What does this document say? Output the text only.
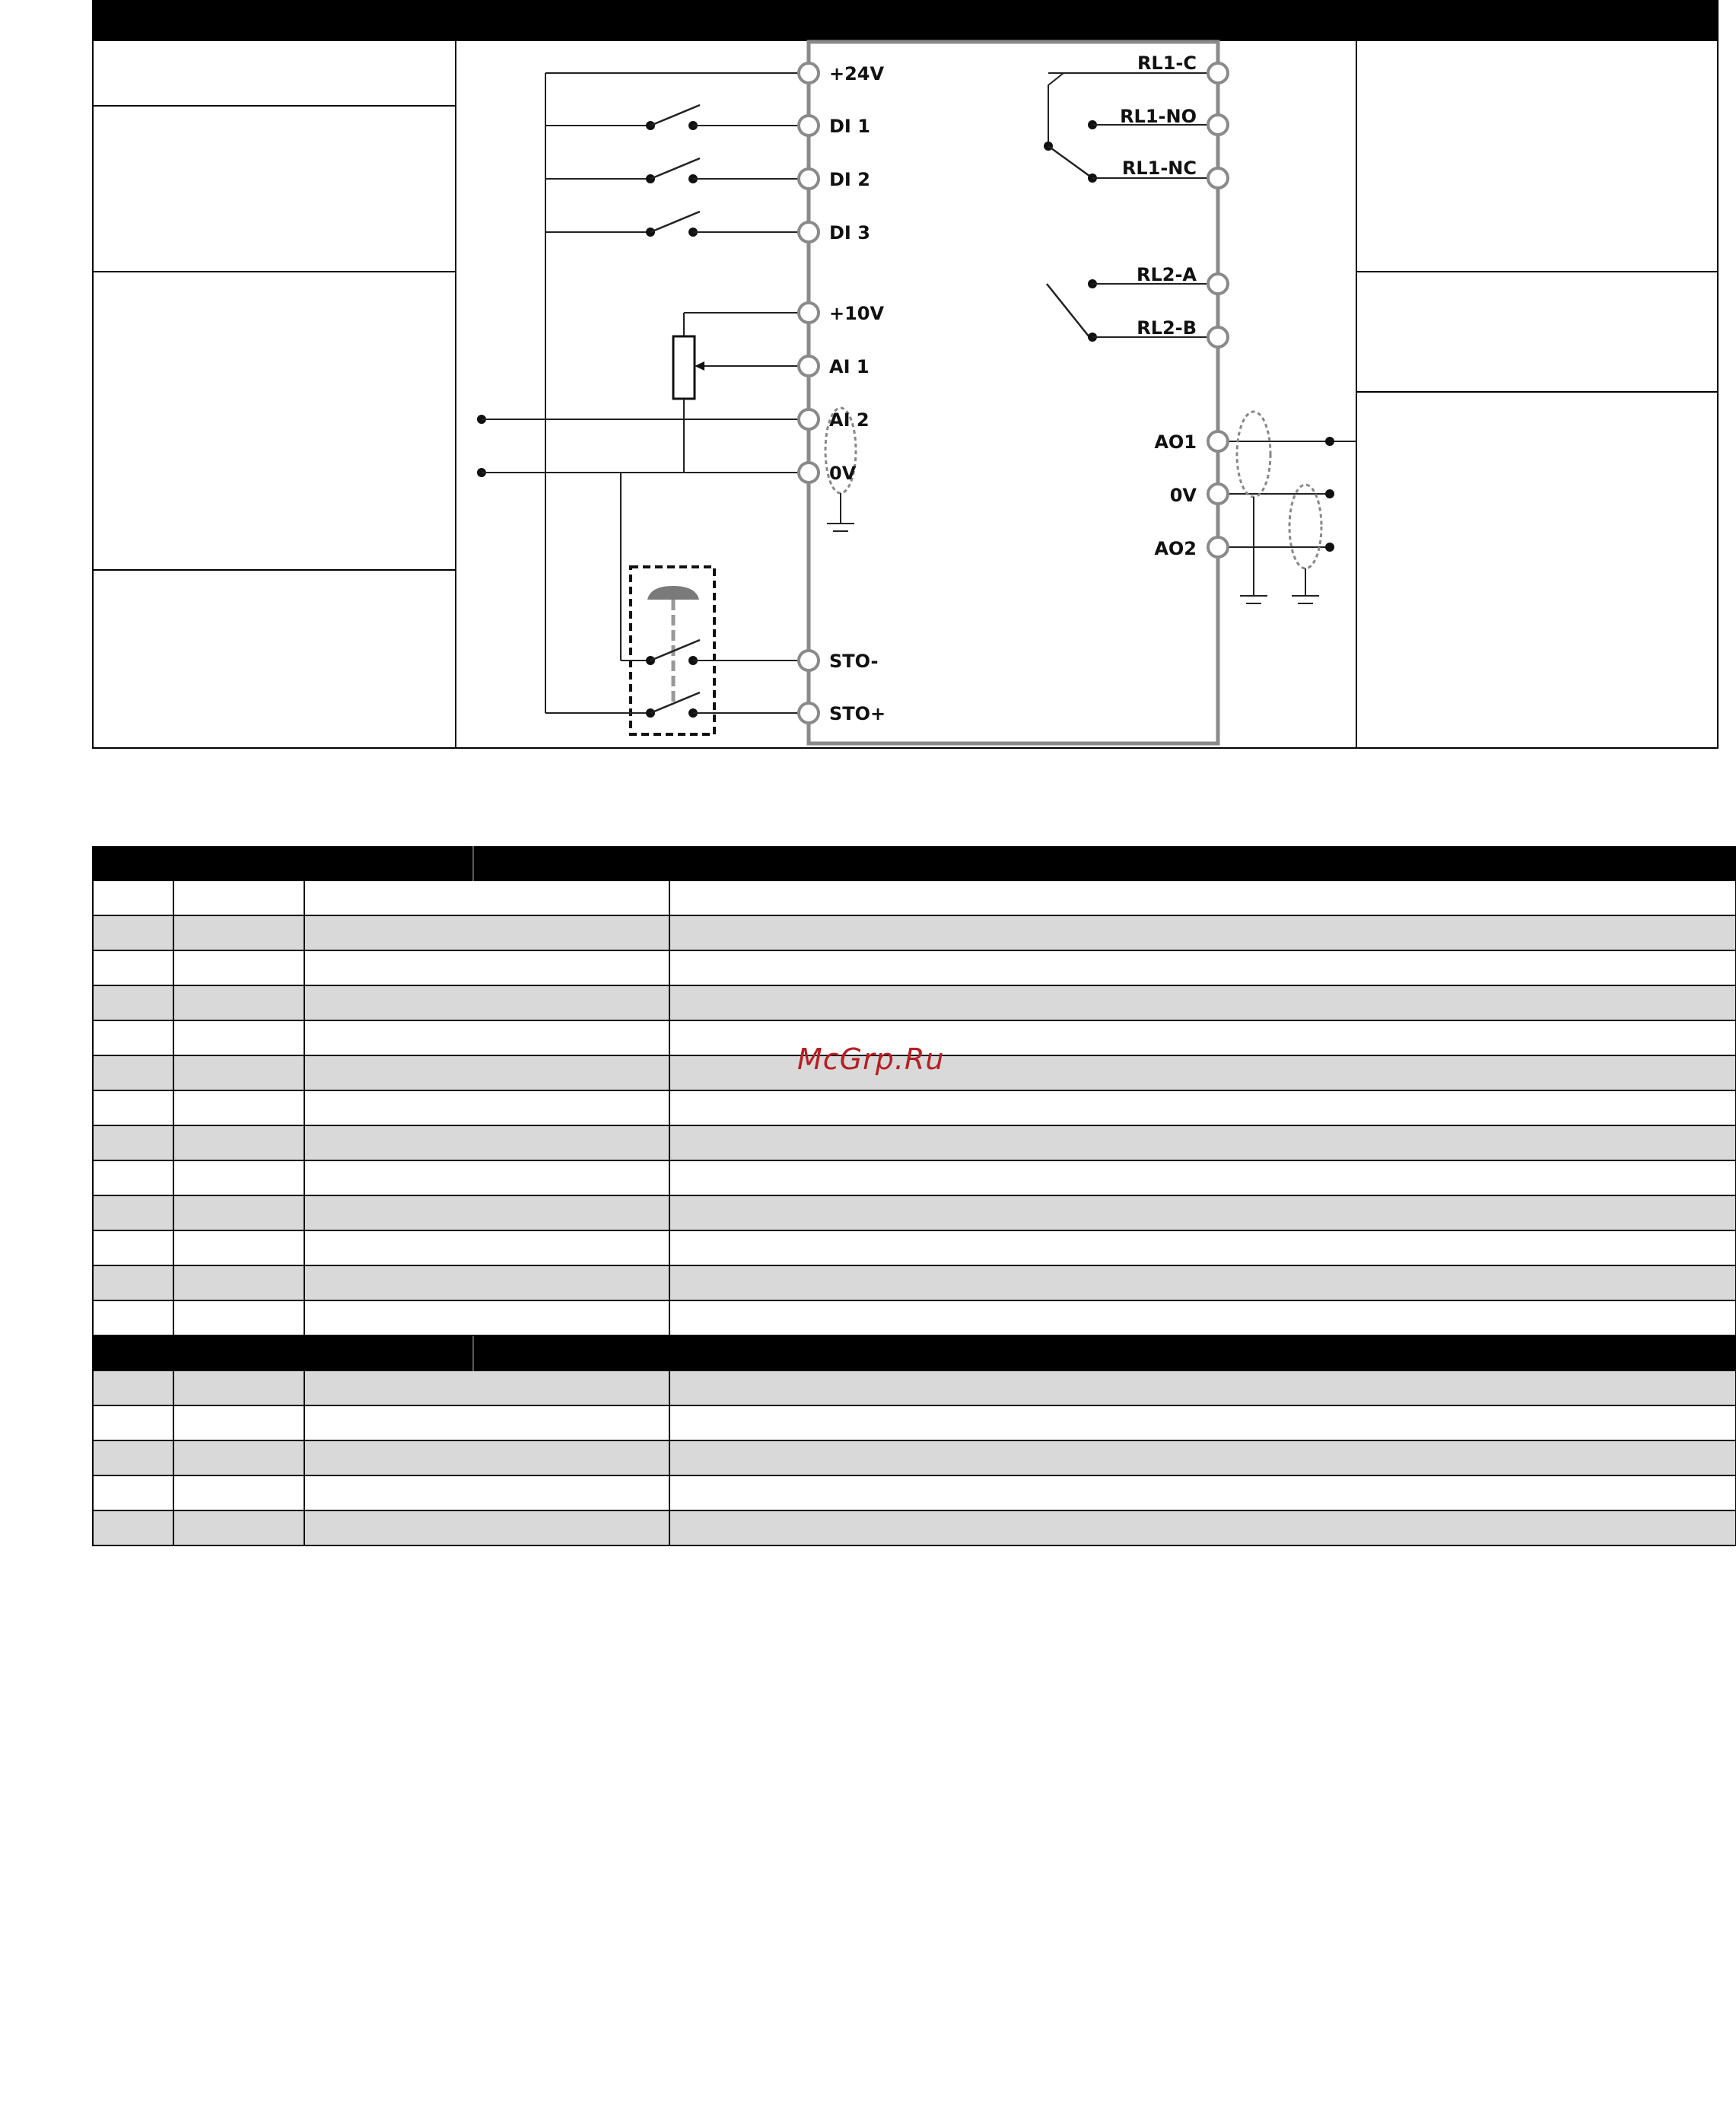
+24V
DI 1
DI 2
DI 3
+10V
AI 1
AI 2
0V
STO-
STO+
RL1-C
RL1-NO
RL1-NC
RL2-A
RL2-B
AO1
0V
AO2
McGrp.Ru
